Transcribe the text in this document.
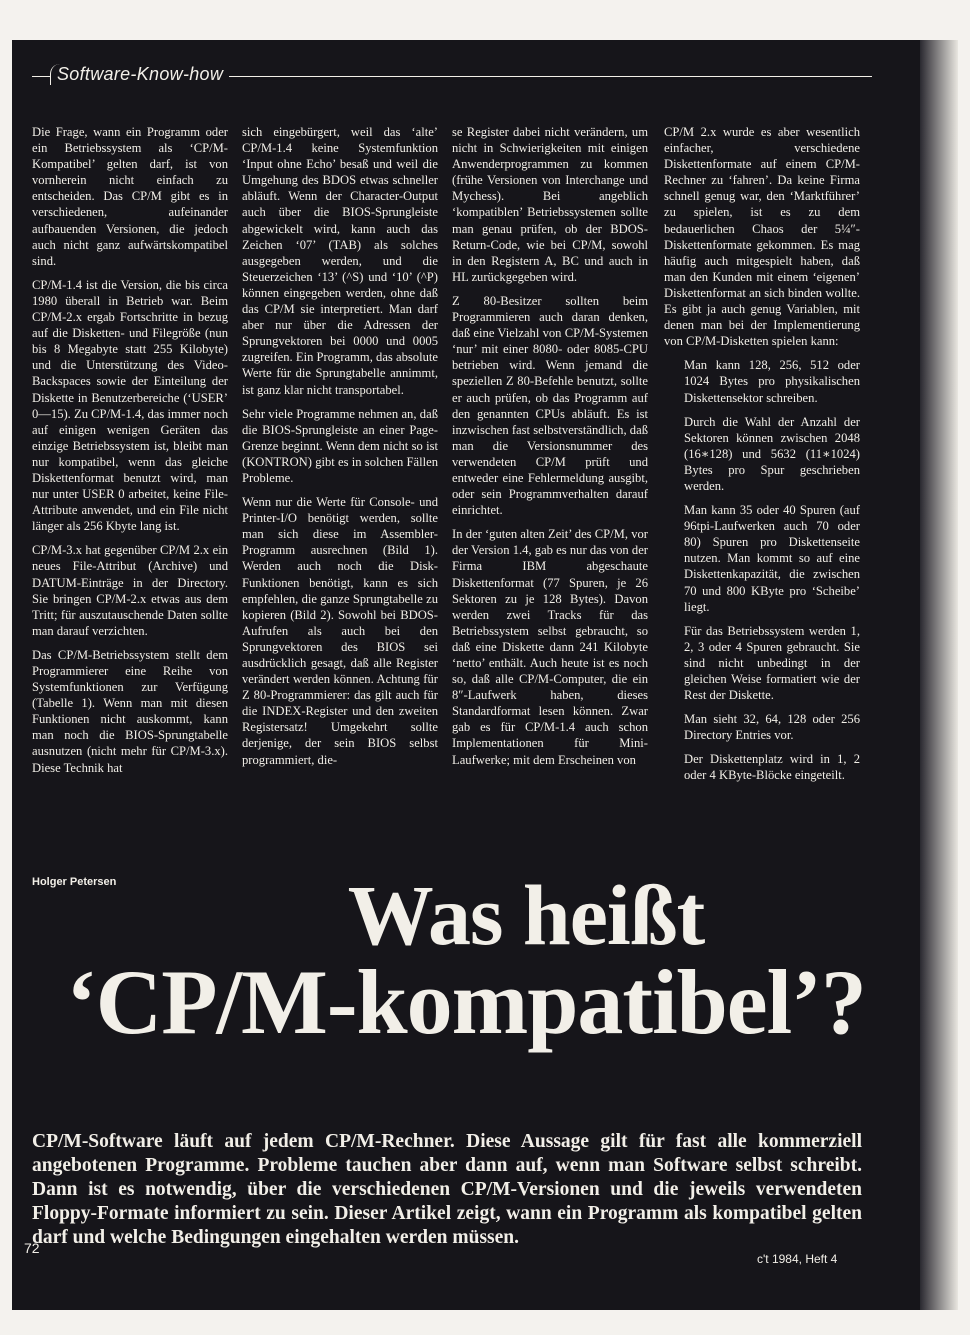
Software-Know-how

Die Frage, wann ein Programm oder ein Betriebssystem als ‘CP/M-Kompatibel’ gelten darf, ist von vornherein nicht einfach zu entscheiden. Das CP/M gibt es in verschiedenen, aufeinander aufbauenden Versionen, die jedoch auch nicht ganz aufwärtskompatibel sind.

CP/M-1.4 ist die Version, die bis circa 1980 überall in Betrieb war. Beim CP/M-2.x ergab Fortschritte in bezug auf die Disketten- und Filegröße (nun bis 8 Megabyte statt 255 Kilobyte) und die Unterstützung des Video-Backspaces sowie der Einteilung der Diskette in Benutzerbereiche (‘USER’ 0—15). Zu CP/M-1.4, das immer noch auf einigen wenigen Geräten das einzige Betriebssystem ist, bleibt man nur kompatibel, wenn das gleiche Diskettenformat benutzt wird, man nur unter USER 0 arbeitet, keine File-Attribute anwendet, und ein File nicht länger als 256 Kbyte lang ist.

CP/M-3.x hat gegenüber CP/M 2.x ein neues File-Attribut (Archive) und DATUM-Einträge in der Directory. Sie bringen CP/M-2.x etwas aus dem Tritt; für auszutauschende Daten sollte man darauf verzichten.

Das CP/M-Betriebssystem stellt dem Programmierer eine Reihe von Systemfunktionen zur Verfügung (Tabelle 1). Wenn man mit diesen Funktionen nicht auskommt, kann man noch die BIOS-Sprungtabelle ausnutzen (nicht mehr für CP/M-3.x). Diese Technik hat

sich eingebürgert, weil das ‘alte’ CP/M-1.4 keine Systemfunktion ‘Input ohne Echo’ besaß und weil die Umgehung des BDOS etwas schneller abläuft. Wenn der Character-Output auch über die BIOS-Sprungleiste abgewickelt wird, kann auch das Zeichen ‘07’ (TAB) als solches ausgegeben werden, und die Steuerzeichen ‘13’ (^S) und ‘10’ (^P) können eingegeben werden, ohne daß das CP/M sie interpretiert. Man darf aber nur über die Adressen der Sprungvektoren bei 0000 und 0005 zugreifen. Ein Programm, das absolute Werte für die Sprungtabelle annimmt, ist ganz klar nicht transportabel.

Sehr viele Programme nehmen an, daß die BIOS-Sprungleiste an einer Page-Grenze beginnt. Wenn dem nicht so ist (KONTRON) gibt es in solchen Fällen Probleme.

Wenn nur die Werte für Console- und Printer-I/O benötigt werden, sollte man sich diese im Assembler-Programm ausrechnen (Bild 1). Werden auch noch die Disk-Funktionen benötigt, kann es sich empfehlen, die ganze Sprungtabelle zu kopieren (Bild 2). Sowohl bei BDOS-Aufrufen als auch bei den Sprungvektoren des BIOS sei ausdrücklich gesagt, daß alle Register verändert werden können. Achtung für Z 80-Programmierer: das gilt auch für die INDEX-Register und den zweiten Registersatz! Umgekehrt sollte derjenige, der sein BIOS selbst programmiert, die-

se Register dabei nicht verändern, um nicht in Schwierigkeiten mit einigen Anwenderprogrammen zu kommen (frühe Versionen von Interchange und Mychess). Bei angeblich ‘kompatiblen’ Betriebssystemen sollte man genau prüfen, ob der BDOS-Return-Code, wie bei CP/M, sowohl in den Registern A, BC und auch in HL zurückgegeben wird.

Z 80-Besitzer sollten beim Programmieren auch daran denken, daß eine Vielzahl von CP/M-Systemen ‘nur’ mit einer 8080- oder 8085-CPU betrieben wird. Wenn jemand die speziellen Z 80-Befehle benutzt, sollte er auch prüfen, ob das Programm auf den genannten CPUs abläuft. Es ist inzwischen fast selbstverständlich, daß man die Versionsnummer des verwendeten CP/M prüft und entweder eine Fehlermeldung ausgibt, oder sein Programmverhalten darauf einrichtet.

In der ‘guten alten Zeit’ des CP/M, vor der Version 1.4, gab es nur das von der Firma IBM abgeschaute Diskettenformat (77 Spuren, je 26 Sektoren zu je 128 Bytes). Davon werden zwei Tracks für das Betriebssystem selbst gebraucht, so daß eine Diskette dann 241 Kilobyte ‘netto’ enthält. Auch heute ist es noch so, daß alle CP/M-Computer, die ein 8″-Laufwerk haben, dieses Standardformat lesen können. Zwar gab es für CP/M-1.4 auch schon Implementationen für Mini-Laufwerke; mit dem Erscheinen von

CP/M 2.x wurde es aber wesentlich einfacher, verschiedene Diskettenformate auf einem CP/M-Rechner zu ‘fahren’. Da keine Firma schnell genug war, den ‘Marktführer’ zu spielen, ist es zu dem bedauerlichen Chaos der 5¼″-Diskettenformate gekommen. Es mag häufig auch mitgespielt haben, daß man den Kunden mit einem ‘eigenen’ Diskettenformat an sich binden wollte. Es gibt ja auch genug Variablen, mit denen man bei der Implementierung von CP/M-Disketten spielen kann:

Man kann 128, 256, 512 oder 1024 Bytes pro physikalischen Diskettensektor schreiben.

Durch die Wahl der Anzahl der Sektoren können zwischen 2048 (16∗128) und 5632 (11∗1024) Bytes pro Spur geschrieben werden.

Man kann 35 oder 40 Spuren (auf 96tpi-Laufwerken auch 70 oder 80) Spuren pro Diskettenseite nutzen. Man kommt so auf eine Diskettenkapazität, die zwischen 70 und 800 KByte pro ‘Scheibe’ liegt.

Für das Betriebssystem werden 1, 2, 3 oder 4 Spuren gebraucht. Sie sind nicht unbedingt in der gleichen Weise formatiert wie der Rest der Diskette.

Man sieht 32, 64, 128 oder 256 Directory Entries vor.

Der Diskettenplatz wird in 1, 2 oder 4 KByte-Blöcke eingeteilt.

Was heißt
‘CP/M-kompatibel’?
Holger Petersen
CP/M-Software läuft auf jedem CP/M-Rechner. Diese Aussage gilt für fast alle kommerziell angebotenen Programme. Probleme tauchen aber dann auf, wenn man Software selbst schreibt. Dann ist es notwendig, über die verschiedenen CP/M-Versionen und die jeweils verwendeten Floppy-Formate informiert zu sein. Dieser Artikel zeigt, wann ein Programm als kompatibel gelten darf und welche Bedingungen eingehalten werden müssen.
72
c't 1984, Heft 4
